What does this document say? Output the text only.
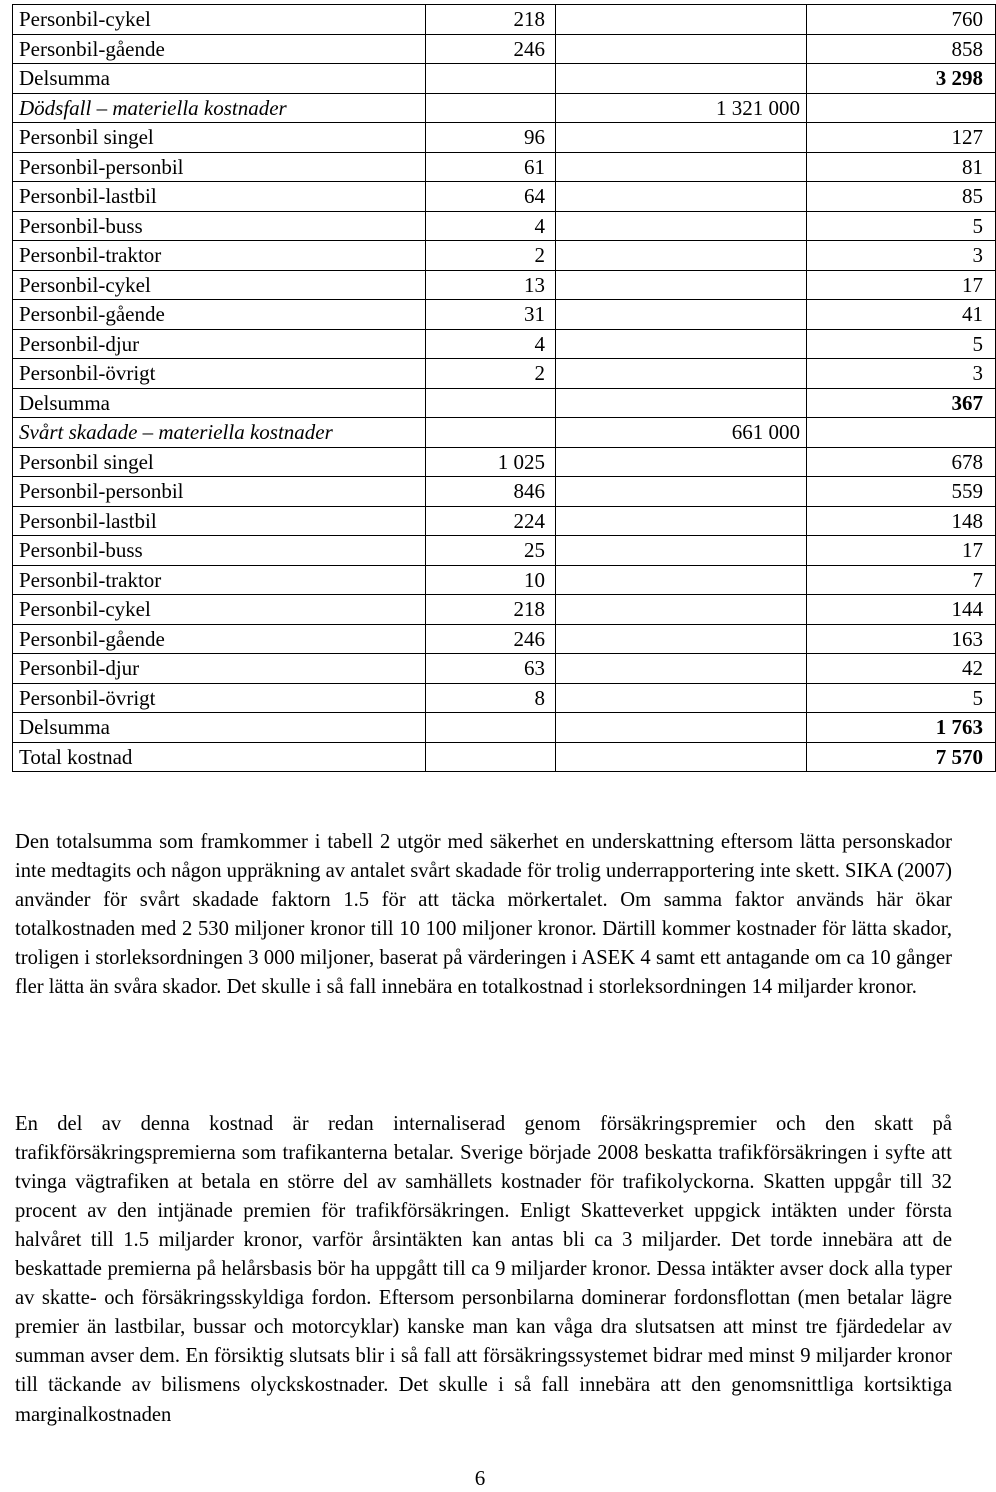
Personbil-cykel	218		760
Personbil-gående	246		858
Delsumma			3 298
Dödsfall – materiella kostnader		1 321 000	
Personbil singel	96		127
Personbil-personbil	61		81
Personbil-lastbil	64		85
Personbil-buss	4		5
Personbil-traktor	2		3
Personbil-cykel	13		17
Personbil-gående	31		41
Personbil-djur	4		5
Personbil-övrigt	2		3
Delsumma			367
Svårt skadade – materiella kostnader		661 000	
Personbil singel	1 025		678
Personbil-personbil	846		559
Personbil-lastbil	224		148
Personbil-buss	25		17
Personbil-traktor	10		7
Personbil-cykel	218		144
Personbil-gående	246		163
Personbil-djur	63		42
Personbil-övrigt	8		5
Delsumma			1 763
Total kostnad			7 570

Den totalsumma som framkommer i tabell 2 utgör med säkerhet en underskattning eftersom lätta personskador inte medtagits och någon uppräkning av antalet svårt skadade för trolig underrapportering inte skett. SIKA (2007) använder för svårt skadade faktorn 1.5 för att täcka mörkertalet. Om samma faktor används här ökar totalkostnaden med 2 530 miljoner kronor till 10 100 miljoner kronor. Därtill kommer kostnader för lätta skador, troligen i storleksordningen 3 000 miljoner, baserat på värderingen i ASEK 4 samt ett antagande om ca 10 gånger fler lätta än svåra skador. Det skulle i så fall innebära en totalkostnad i storleksordningen 14 miljarder kronor.

En del av denna kostnad är redan internaliserad genom försäkringspremier och den skatt på trafikförsäkringspremierna som trafikanterna betalar. Sverige började 2008 beskatta trafikförsäkringen i syfte att tvinga vägtrafiken at betala en större del av samhällets kostnader för trafikolyckorna. Skatten uppgår till 32 procent av den intjänade premien för trafikförsäkringen. Enligt Skatteverket uppgick intäkten under första halvåret till 1.5 miljarder kronor, varför årsintäkten kan antas bli ca 3 miljarder. Det torde innebära att de beskattade premierna på helårsbasis bör ha uppgått till ca 9 miljarder kronor. Dessa intäkter avser dock alla typer av skatte- och försäkringsskyldiga fordon. Eftersom personbilarna dominerar fordonsflottan (men betalar lägre premier än lastbilar, bussar och motorcyklar) kanske man kan våga dra slutsatsen att minst tre fjärdedelar av summan avser dem. En försiktig slutsats blir i så fall att försäkringssystemet bidrar med minst 9 miljarder kronor till täckande av bilismens olyckskostnader. Det skulle i så fall innebära att den genomsnittliga kortsiktiga marginalkostnaden

6
